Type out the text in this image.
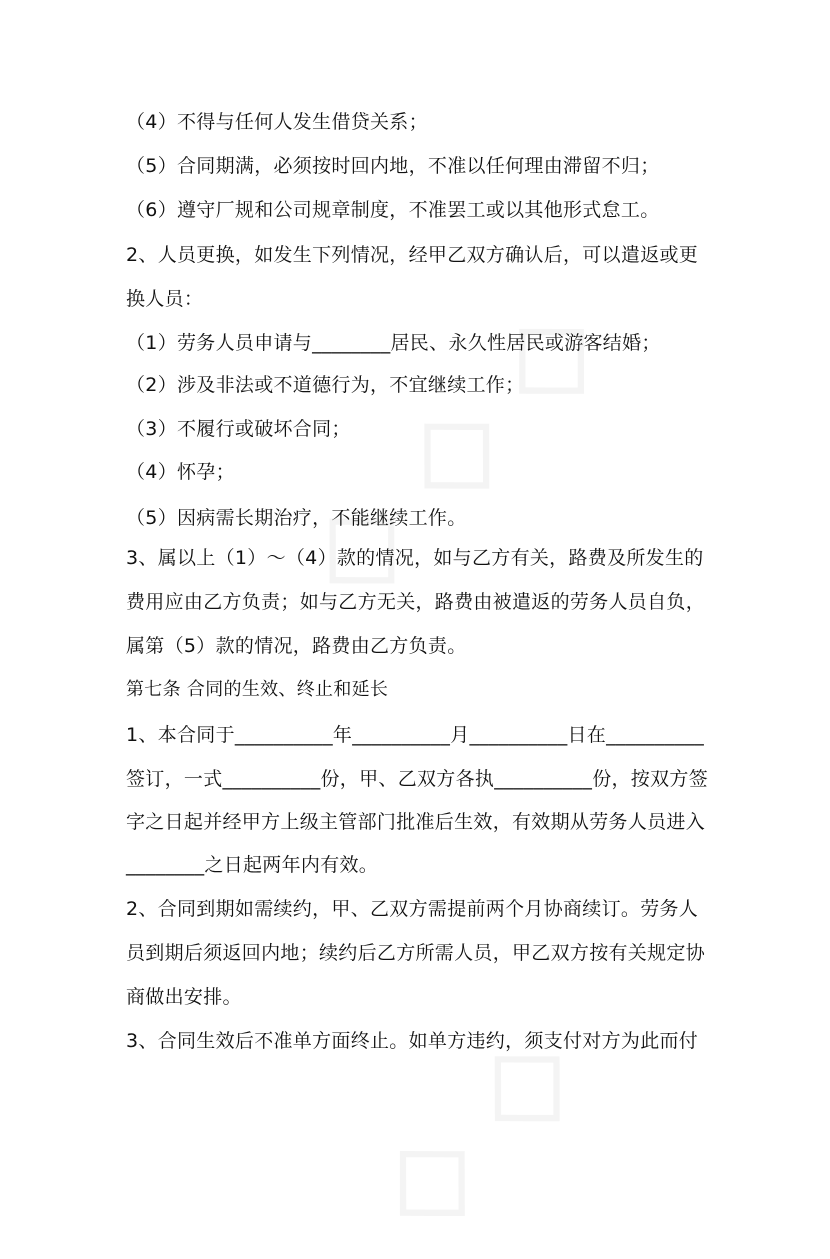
（4）不得与任何人发生借贷关系；
（5）合同期满，必须按时回内地，不准以任何理由滞留不归；
（6）遵守厂规和公司规章制度，不准罢工或以其他形式怠工。
2、人员更换，如发生下列情况，经甲乙双方确认后，可以遣返或更
换人员：
（1）劳务人员申请与________居民、永久性居民或游客结婚；
（2）涉及非法或不道德行为，不宜继续工作；
（3）不履行或破坏合同；
（4）怀孕；
（5）因病需长期治疗，不能继续工作。
3、属以上（1）～（4）款的情况，如与乙方有关，路费及所发生的
费用应由乙方负责；如与乙方无关，路费由被遣返的劳务人员自负，
属第（5）款的情况，路费由乙方负责。
第七条 合同的生效、终止和延长
1、本合同于__________年__________月__________日在__________
签订，一式__________份，甲、乙双方各执__________份，按双方签
字之日起并经甲方上级主管部门批准后生效，有效期从劳务人员进入
________之日起两年内有效。
2、合同到期如需续约，甲、乙双方需提前两个月协商续订。劳务人
员到期后须返回内地；续约后乙方所需人员，甲乙双方按有关规定协
商做出安排。
3、合同生效后不准单方面终止。如单方违约，须支付对方为此而付
